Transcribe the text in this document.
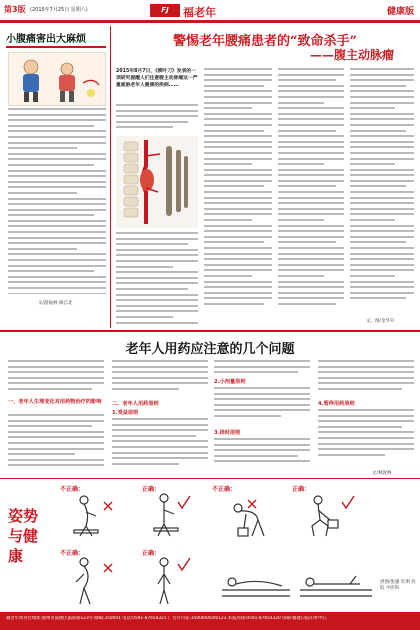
第3版 (2015年7月25日 星期六)	FJ	福老年	健康版
小腹痛害出大麻烦
文/游福林 摘自北
警惕老年腰痛患者的“致命杀手”
——腹主动脉瘤
2015年8月7日，《柳叶刀》发表的一项研究提醒人们注意腹主动脉瘤这一严重威胁老年人健康的疾病……
文、图/金华升
老年人用药应注意的几个问题
一、老年人生理变化对用药物治疗的影响	二、老年人用药原则
1.受益原则
2.小剂量原则
3.择时原则
4.暂停用药原则
文/林敦林
姿势与健康
不正确：	正确：	不正确：	正确：
不正确：	正确：
供图/张强 红明 医院 中医科
福老年周刊社地址:福州市鼓楼区鼓屏路123号 邮编:350001 电话:0591-87654321 广告许可证:3500004000123 本报热线:0591-87654320 印刷:福建日报印务中心
